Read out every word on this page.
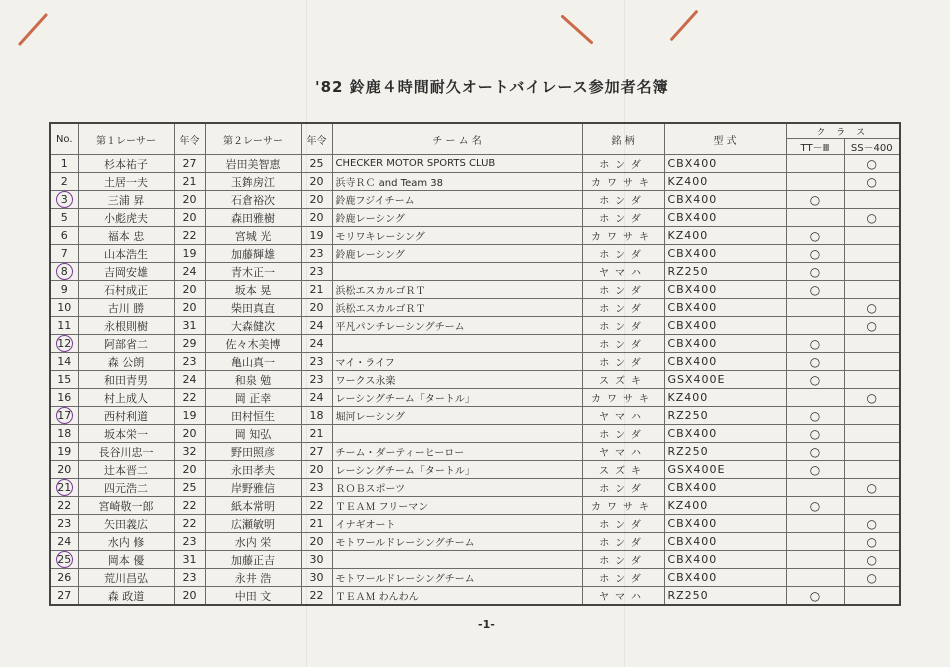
'82 鈴鹿４時間耐久オートバイレース参加者名簿
No.	第１レーサー	年令	第２レーサー	年令	チ ー ム 名	銘 柄	型 式	ク ラ ス	
								TT－Ⅲ	SS－400
1	杉本祐子	27	岩田美智恵	25	CHECKER MOTOR SPORTS CLUB	ホンダ	CBX400		○
2	土居一夫	21	玉鉾房江	20	浜寺ＲＣ and Team 38	カワサキ	KZ400		○
3	三浦 昇	20	石倉裕次	20	鈴鹿フジイチーム	ホンダ	CBX400	○	
5	小彪虎夫	20	森田雅樹	20	鈴鹿レーシング	ホンダ	CBX400		○
6	福本 忠	22	宮城 光	19	モリワキレーシング	カワサキ	KZ400	○	
7	山本浩生	19	加藤輝雄	23	鈴鹿レーシング	ホンダ	CBX400	○	
8	吉岡安雄	24	青木正一	23		ヤマハ	RZ250	○	
9	石村成正	20	坂本 晃	21	浜松エスカルゴＲＴ	ホンダ	CBX400	○	
10	古川 勝	20	柴田真直	20	浜松エスカルゴＲＴ	ホンダ	CBX400		○
11	永根則樹	31	大森健次	24	平凡パンチレーシングチーム	ホンダ	CBX400		○
12	阿部省二	29	佐々木美博	24		ホンダ	CBX400	○	
14	森 公朗	23	亀山真一	23	マイ・ライフ	ホンダ	CBX400	○	
15	和田青男	24	和泉 勉	23	ワークス永楽	スズキ	GSX400E	○	
16	村上成人	22	岡 正幸	24	レーシングチーム「タートル」	カワサキ	KZ400		○
17	西村利道	19	田村恒生	18	堀河レーシング	ヤマハ	RZ250	○	
18	坂本栄一	20	岡 知弘	21		ホンダ	CBX400	○	
19	長谷川忠一	32	野田照彦	27	チーム・ダーティーヒーロー	ヤマハ	RZ250	○	
20	辻本晋二	20	永田孝夫	20	レーシングチーム「タートル」	スズキ	GSX400E	○	
21	四元浩二	25	岸野雅信	23	ＲＯＢスポーツ	ホンダ	CBX400		○
22	宮崎敬一郎	22	紙本常明	22	ＴＥＡＭ フリーマン	カワサキ	KZ400	○	
23	矢田義広	22	広瀬敏明	21	イナギオート	ホンダ	CBX400		○
24	水内 修	23	水内 栄	20	モトワールドレーシングチーム	ホンダ	CBX400		○
25	岡本 優	31	加藤正吉	30		ホンダ	CBX400		○
26	荒川昌弘	23	永井 浩	30	モトワールドレーシングチーム	ホンダ	CBX400		○
27	森 政道	20	中田 文	22	ＴＥＡＭ わんわん	ヤマハ	RZ250	○	
-1-
